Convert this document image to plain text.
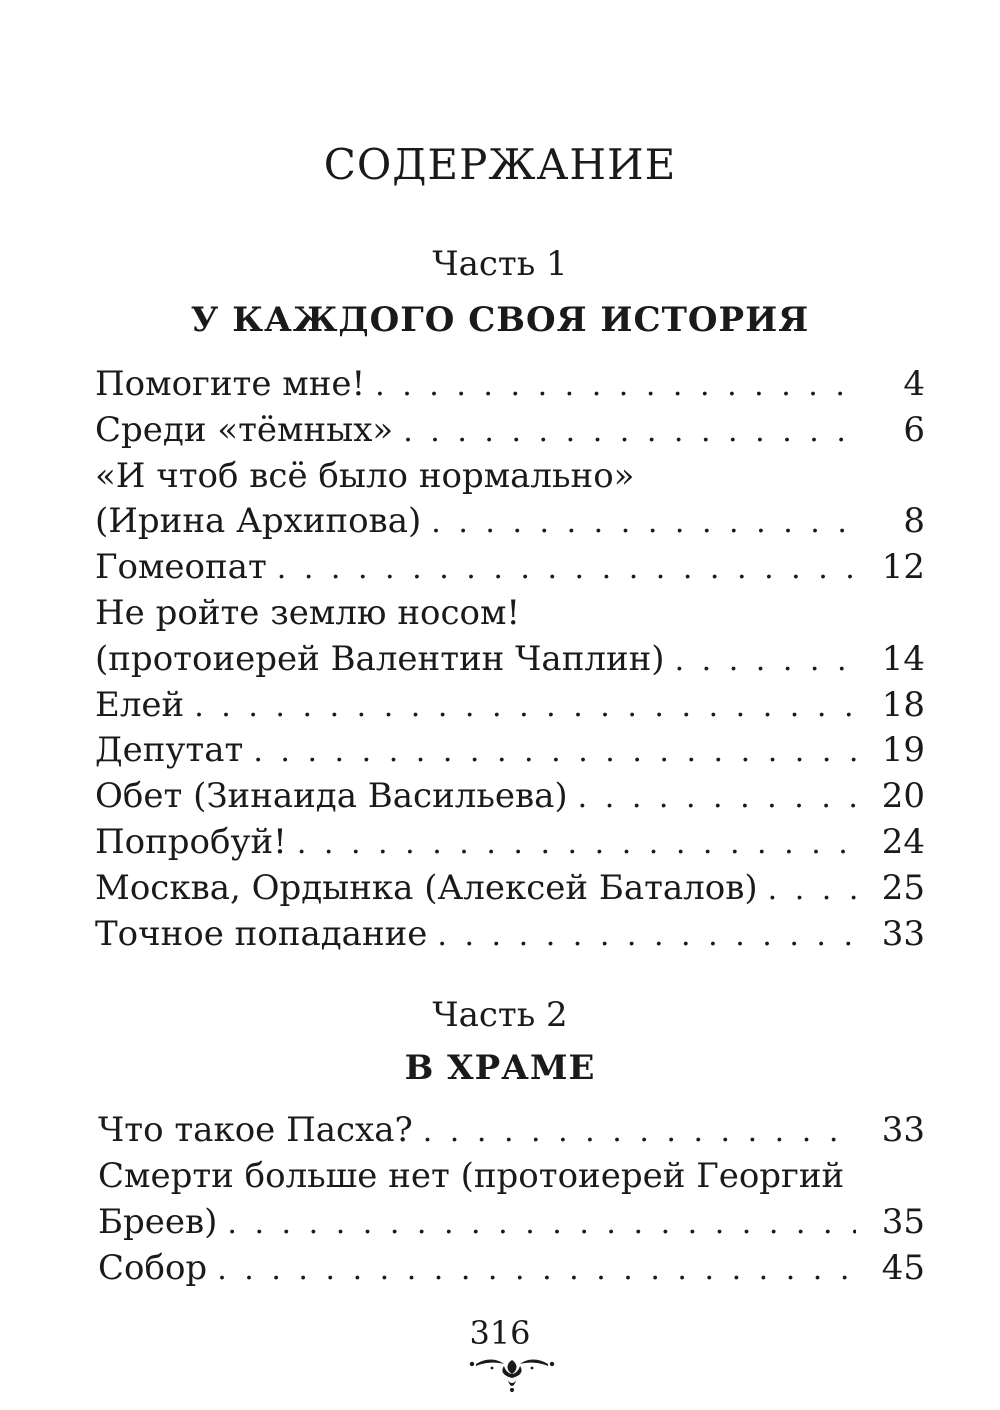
СОДЕРЖАНИЕ
Часть 1
У КАЖДОГО СВОЯ ИСТОРИЯ
Помогите мне! . . .	4
Среди «тёмных» . . .	6
«И чтоб всё было нормально»
(Ирина Архипова) . . .	8
Гомеопат . . .	12
Не ройте землю носом!
(протоиерей Валентин Чаплин) . . .	14
Елей . . .	18
Депутат . . .	19
Обет (Зинаида Васильева) . . .	20
Попробуй! . . .	24
Москва, Ордынка (Алексей Баталов) . . .	25
Точное попадание . . .	33
Часть 2
В ХРАМЕ
Что такое Пасха? . . .	33
Смерти больше нет (протоиерей Георгий
Бреев) . . .	35
Собор . . .	45
316
